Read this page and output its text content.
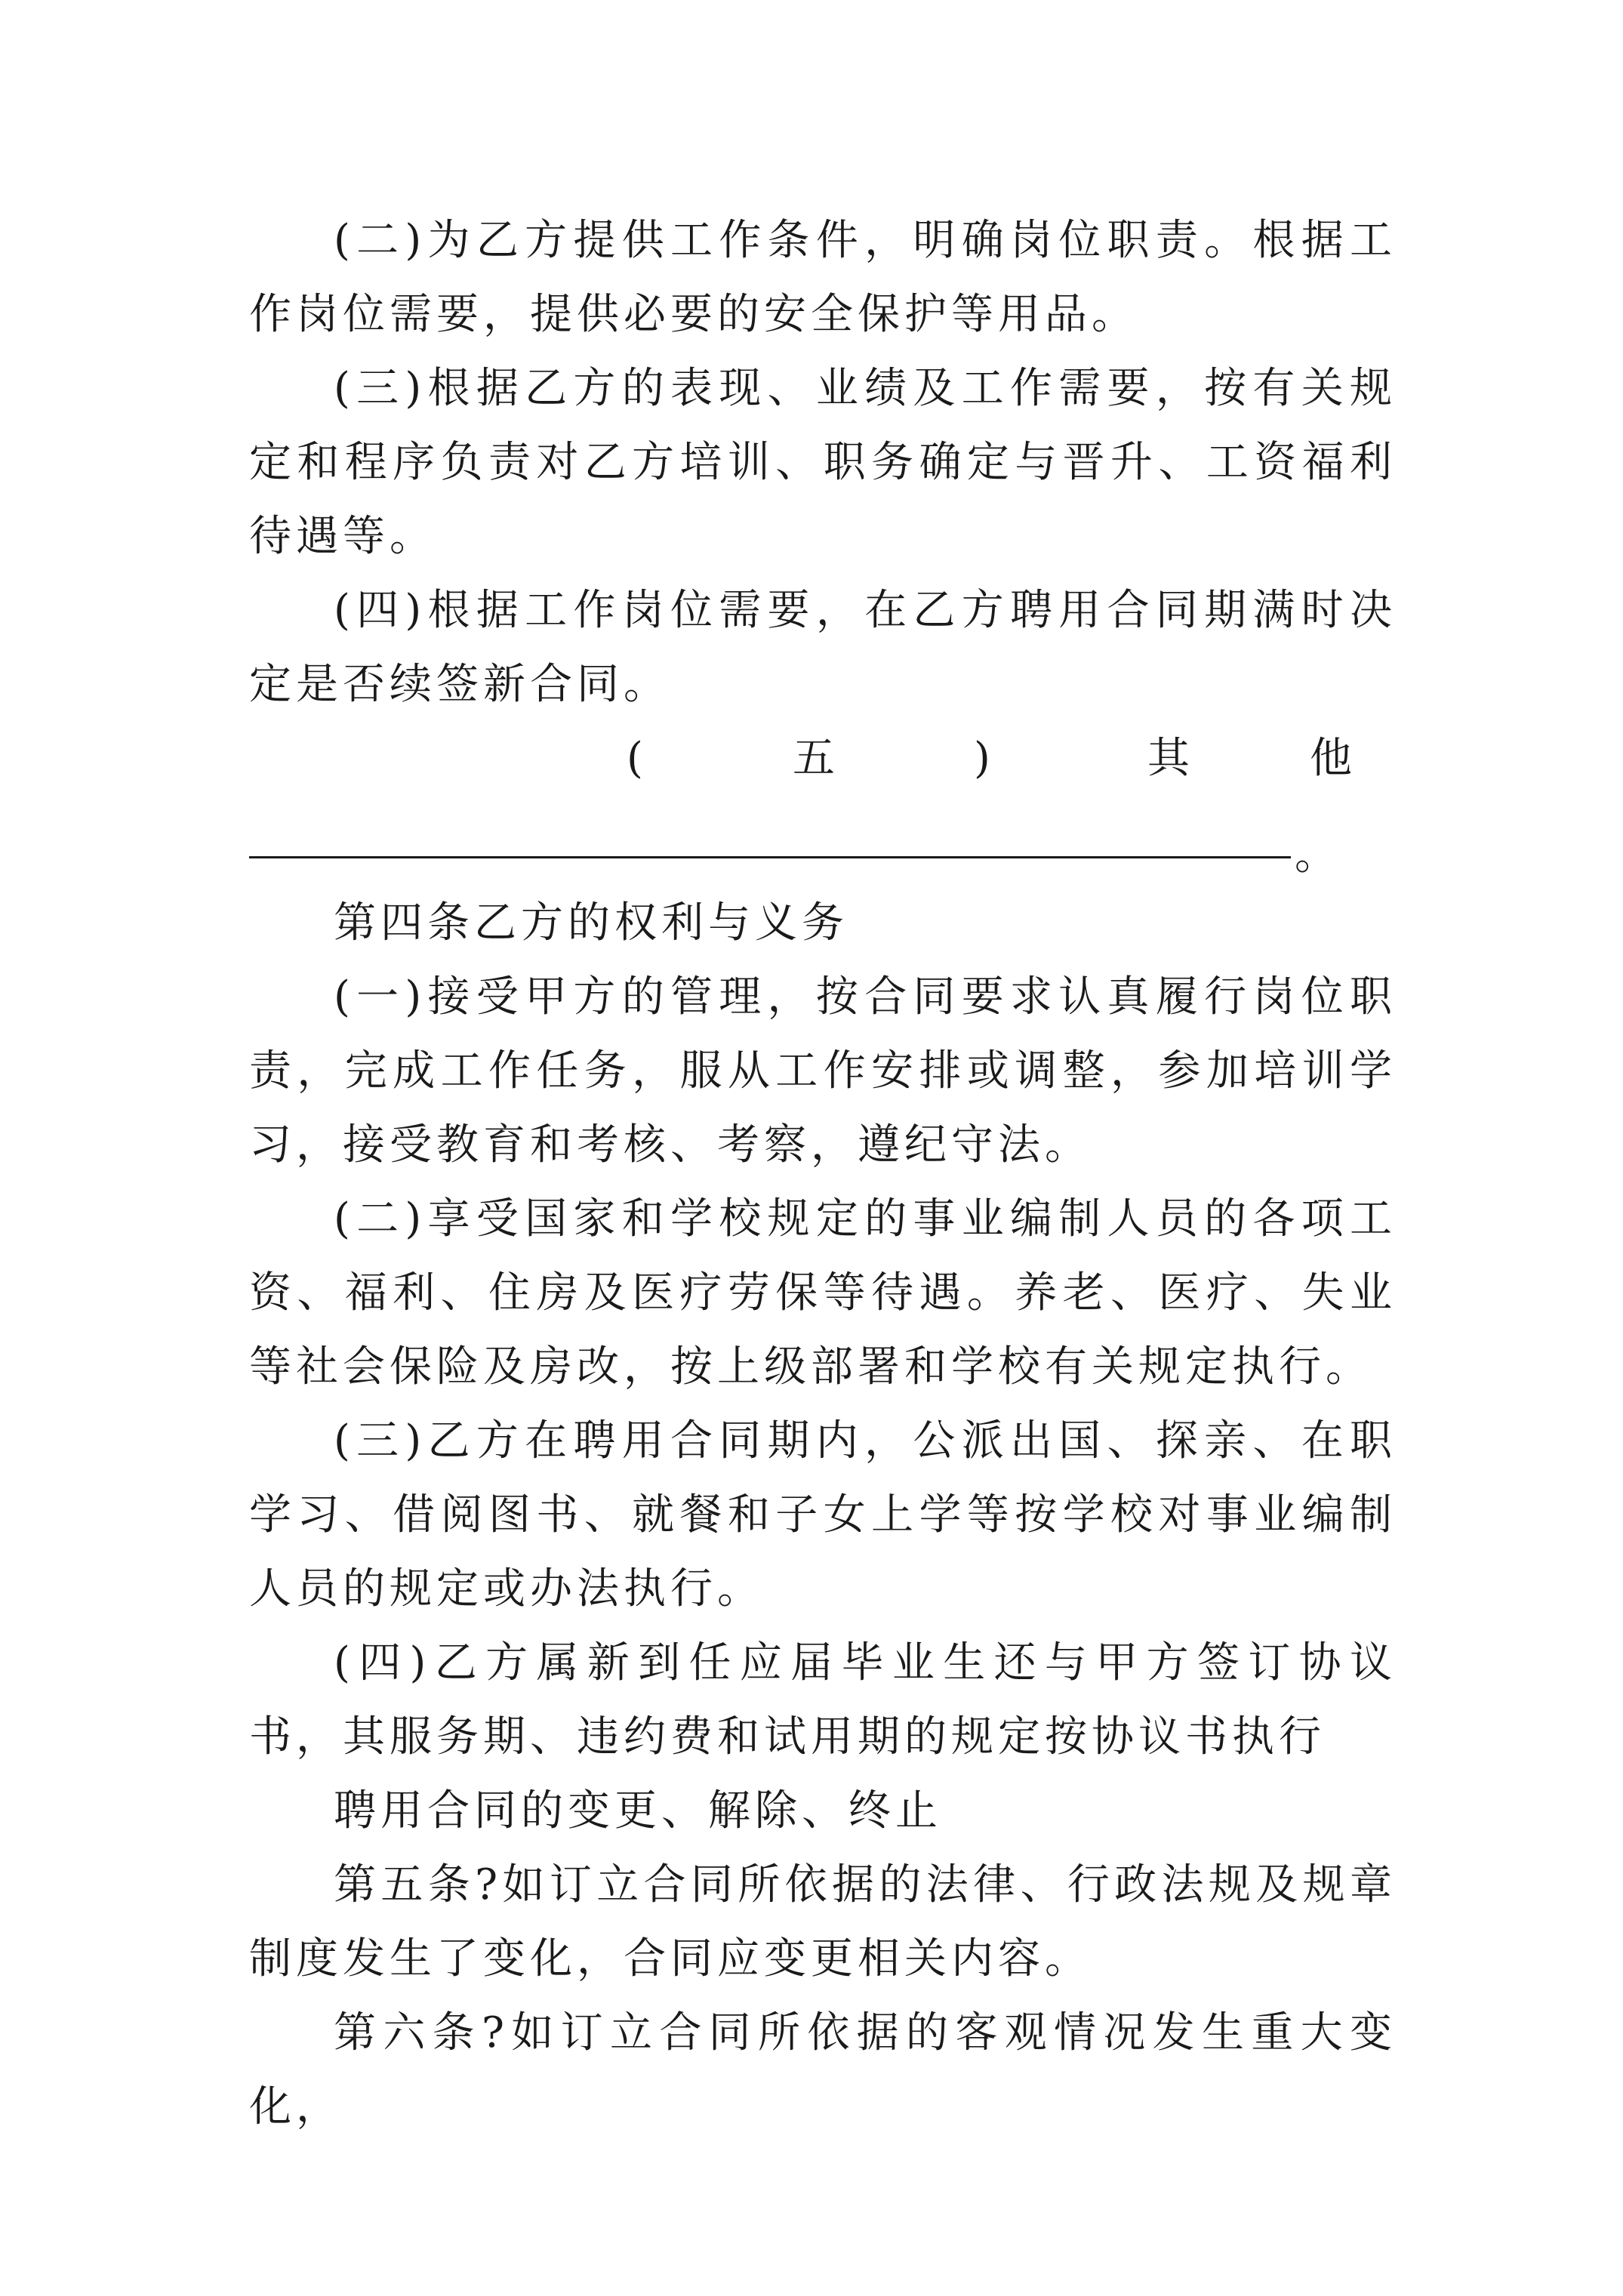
(二)为乙方提供工作条件，明确岗位职责。根据工作岗位需要，提供必要的安全保护等用品。

(三)根据乙方的表现、业绩及工作需要，按有关规定和程序负责对乙方培训、职务确定与晋升、工资福利待遇等。

(四)根据工作岗位需要，在乙方聘用合同期满时决定是否续签新合同。

(	五	)	其	他
。

第四条乙方的权利与义务

(一)接受甲方的管理，按合同要求认真履行岗位职责，完成工作任务，服从工作安排或调整，参加培训学习，接受教育和考核、考察，遵纪守法。

(二)享受国家和学校规定的事业编制人员的各项工资、福利、住房及医疗劳保等待遇。养老、医疗、失业等社会保险及房改，按上级部署和学校有关规定执行。

(三)乙方在聘用合同期内，公派出国、探亲、在职学习、借阅图书、就餐和子女上学等按学校对事业编制人员的规定或办法执行。

(四)乙方属新到任应届毕业生还与甲方签订协议书，其服务期、违约费和试用期的规定按协议书执行

聘用合同的变更、解除、终止

第五条?如订立合同所依据的法律、行政法规及规章制度发生了变化，合同应变更相关内容。

第六条?如订立合同所依据的客观情况发生重大变化，
